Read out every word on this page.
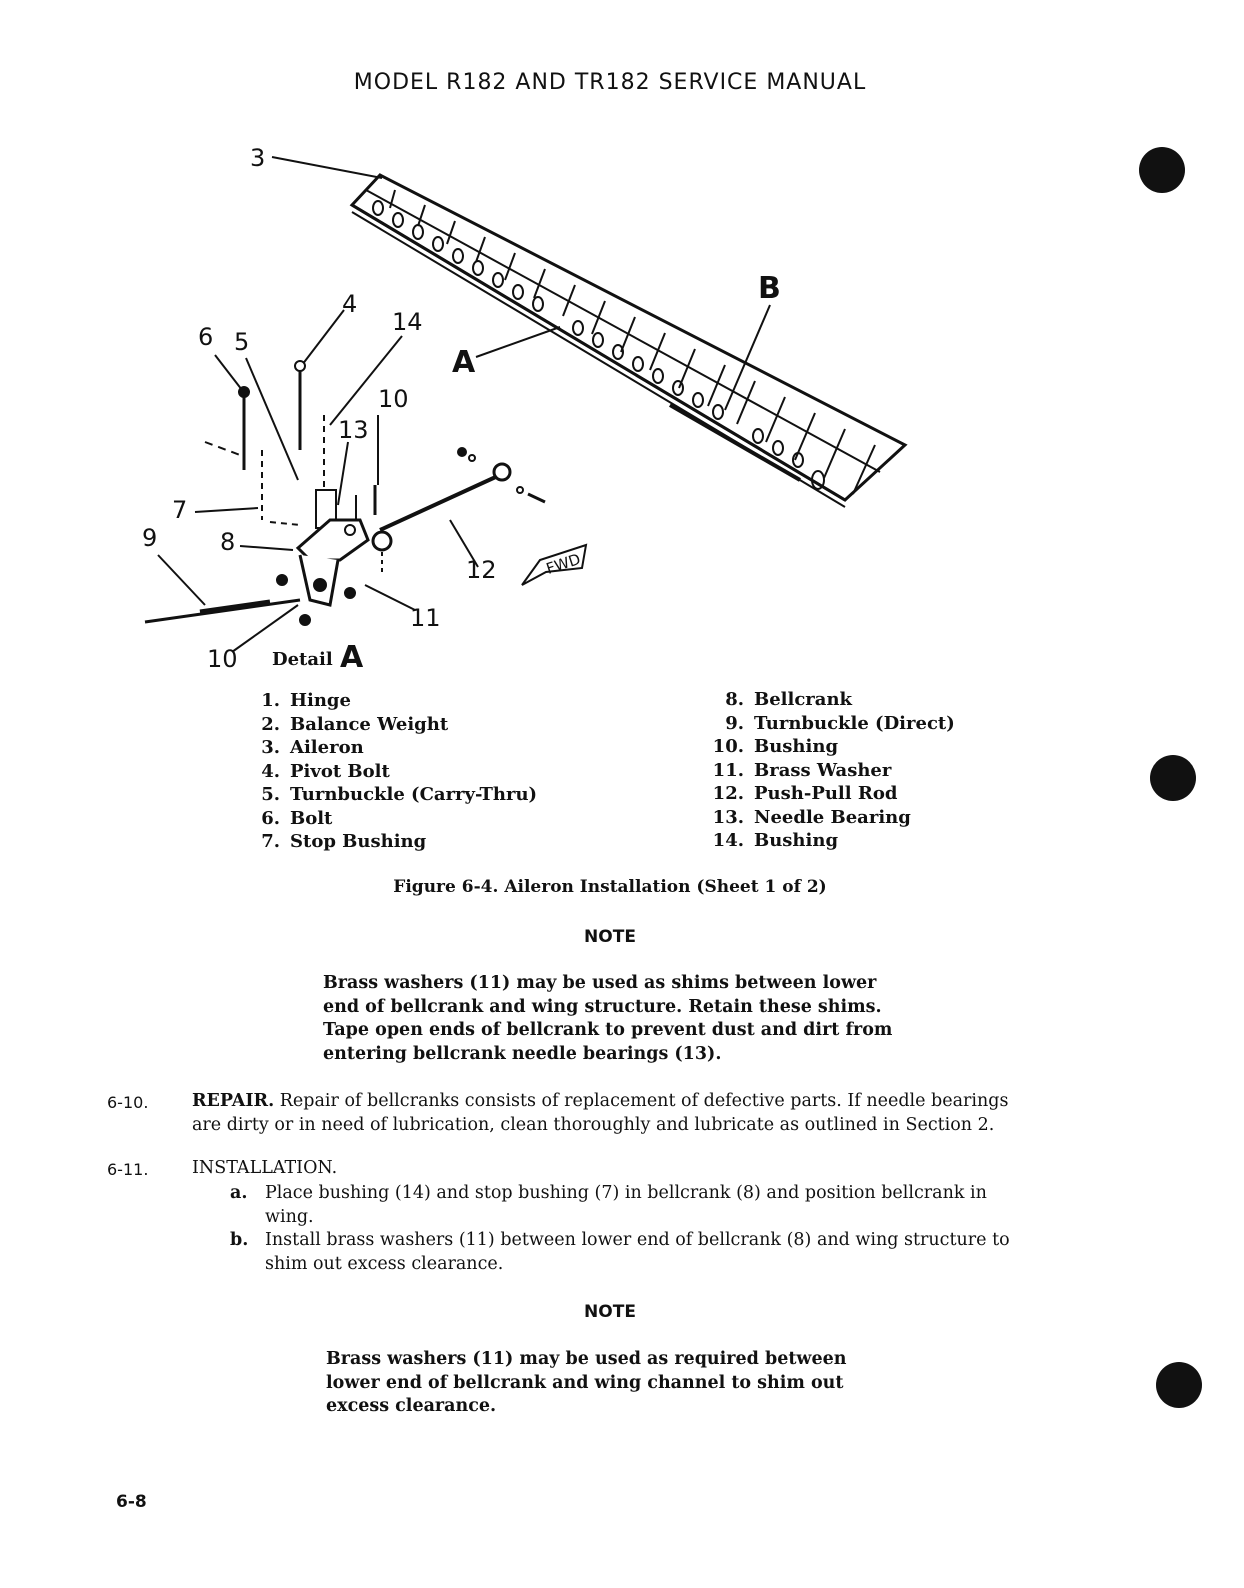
MODEL R182 AND TR182 SERVICE MANUAL
FWD
3
6 5
4
14
10
13
7
9	8
12
11
10
A
B
Detail A
1. Hinge
2. Balance Weight
3. Aileron
4. Pivot Bolt
5. Turnbuckle (Carry-Thru)
6. Bolt
7. Stop Bushing
8. Bellcrank
9. Turnbuckle (Direct)
10. Bushing
11. Brass Washer
12. Push-Pull Rod
13. Needle Bearing
14. Bushing
Figure 6-4. Aileron Installation (Sheet 1 of 2)
NOTE
Brass washers (11) may be used as shims between lower
end of bellcrank and wing structure. Retain these shims.
Tape open ends of bellcrank to prevent dust and dirt from
entering bellcrank needle bearings (13).
6-10. REPAIR. Repair of bellcranks consists of replacement of defective parts. If needle bearings
are dirty or in need of lubrication, clean thoroughly and lubricate as outlined in Section 2.
6-11. INSTALLATION.
a.	Place bushing (14) and stop bushing (7) in bellcrank (8) and position bellcrank in
wing.
b. Install brass washers (11) between lower end of bellcrank (8) and wing structure to
shim out excess clearance.
NOTE
Brass washers (11) may be used as required between
lower end of bellcrank and wing channel to shim out
excess clearance.
6-8
